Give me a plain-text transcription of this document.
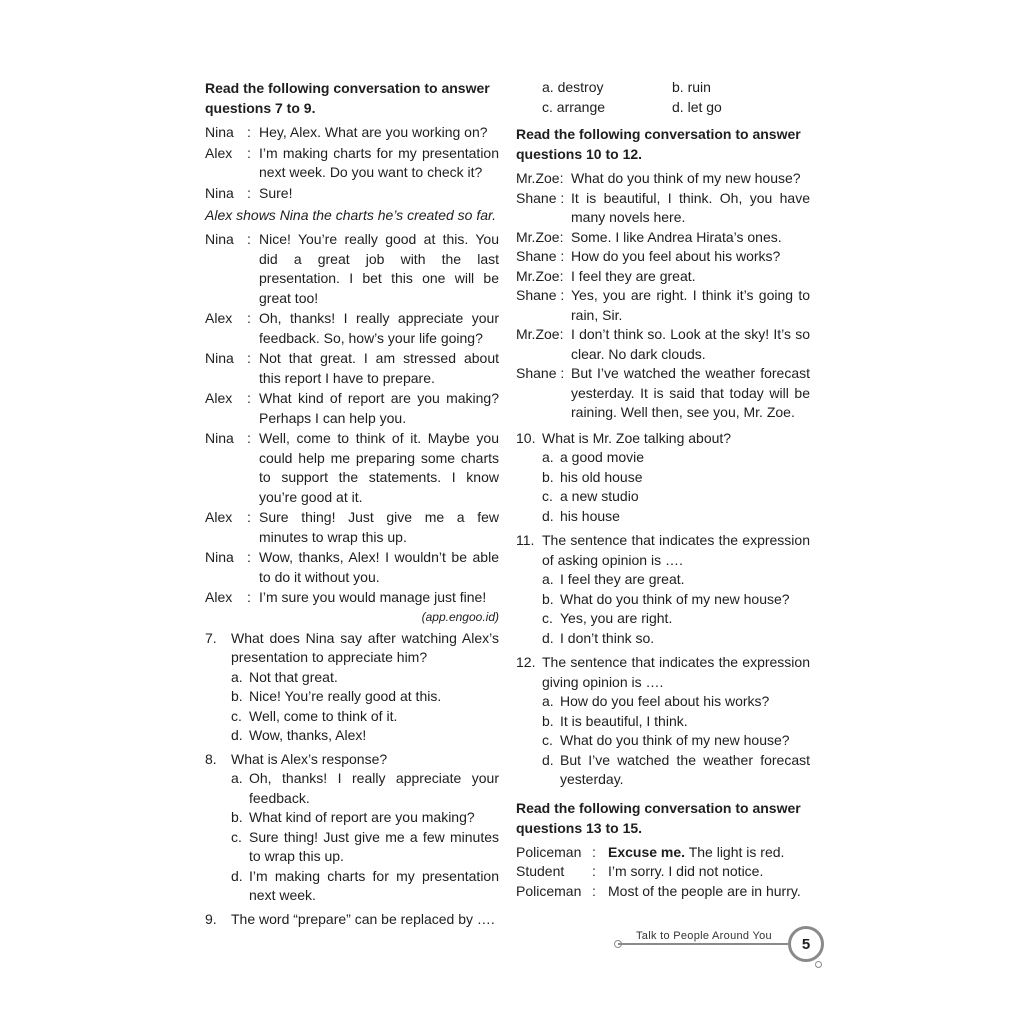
Read the following conversation to answer questions 7 to 9.

Nina : Hey, Alex. What are you working on?
Alex	: I’m making charts for my presentation next week. Do you want to check it?
Nina : Sure!

Alex shows Nina the charts he’s created so far.

Nina : Nice! You’re really good at this. You did a great job with the last presentation. I bet this one will be great too!
Alex	: Oh, thanks! I really appreciate your feedback. So, how’s your life going?
Nina : Not that great. I am stressed about this report I have to prepare.
Alex	: What kind of report are you making? Perhaps I can help you.
Nina : Well, come to think of it. Maybe you could help me preparing some charts to support the statements. I know you’re good at it.
Alex	: Sure thing! Just give me a few minutes to wrap this up.
Nina : Wow, thanks, Alex! I wouldn’t be able to do it without you.
Alex	: I’m sure you would manage just fine!

(app.engoo.id)

7.	What does Nina say after watching Alex’s presentation to appreciate him?
a. Not that great.
b. Nice! You’re really good at this.
c. Well, come to think of it.
d. Wow, thanks, Alex!
8.	What is Alex’s response?
a. Oh, thanks! I really appreciate your feedback.
b. What kind of report are you making?
c. Sure thing! Just give me a few minutes to wrap this up.
d. I’m making charts for my presentation next week.
9.	The word “prepare” can be replaced by ….
a. destroy	b. ruin
c. arrange	d. let go

Read the following conversation to answer questions 10 to 12.

Mr.Zoe: What do you think of my new house?
Shane : It is beautiful, I think. Oh, you have many novels here.
Mr.Zoe: Some. I like Andrea Hirata’s ones.
Shane : How do you feel about his works?
Mr.Zoe: I feel they are great.
Shane : Yes, you are right. I think it’s going to rain, Sir.
Mr.Zoe: I don’t think so. Look at the sky! It’s so clear. No dark clouds.
Shane : But I’ve watched the weather forecast yesterday. It is said that today will be raining. Well then, see you, Mr. Zoe.
10. What is Mr. Zoe talking about?
a. a good movie
b. his old house
c. a new studio
d. his house
11. The sentence that indicates the expression of asking opinion is ….
a. I feel they are great.
b. What do you think of my new house?
c. Yes, you are right.
d. I don’t think so.
12. The sentence that indicates the expression giving opinion is ….
a. How do you feel about his works?
b. It is beautiful, I think.
c. What do you think of my new house?
d. But I’ve watched the weather forecast yesterday.

Read the following conversation to answer questions 13 to 15.

Policeman : Excuse me. The light is red.
Student	: I’m sorry. I did not notice.
Policeman : Most of the people are in hurry.
Talk to People Around You 5
